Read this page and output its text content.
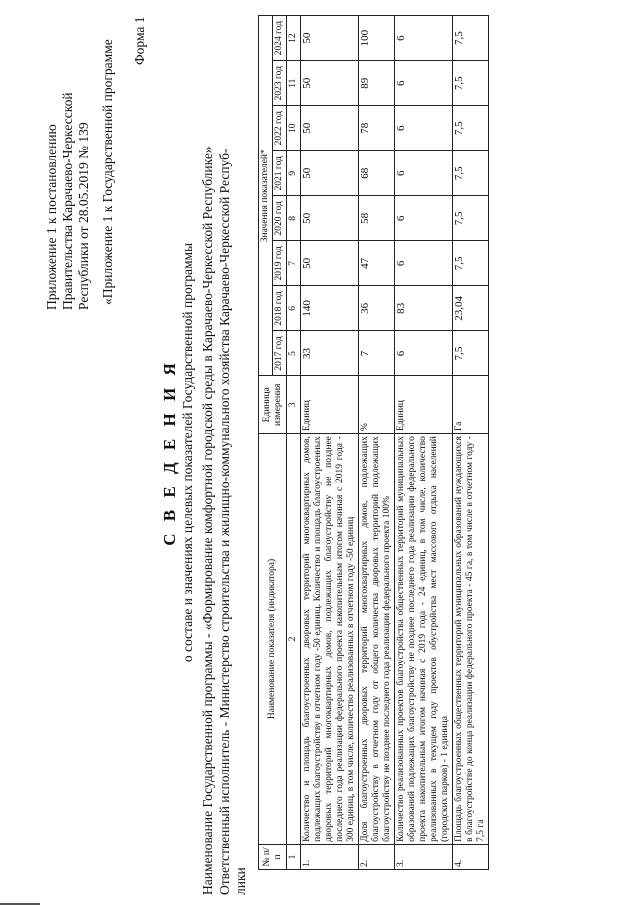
Приложение 1 к постановлению Правительства Карачаево-Черкесской Республики от 28.05.2019 № 139 «Приложение 1 к Государственной программе Форма 1
С В Е Д Е Н И Я о составе и значениях целевых показателей Государственной программы Наименование Государственной программы - «Формирование комфортной городской среды в Карачаево-Черкесской Республике» Ответственный исполнитель - Министерство строительства и жилищно-коммунального хозяйства Карачаево-Черкесской Респуб- лики
№ п/п	Наименование показателя (индикатора)	Единица измерения	Значения показателей*							
			2017 год	2018 год	2019 год	2020 год	2021 год	2022 год	2023 год	2024 год
1	2	3	5	6	7	8	9	10	11	12
1.	Количество и площадь благоустроенных дворовых территорий многоквартирных домов, подлежащих благоустройству в отчетном году -50 единиц. Количество и площадь благоустроенных дворовых территорий многоквартирных домов, подлежащих благоустройству не позднее последнего года реализации федерального проекта накопительным итогом начиная с 2019 года - 300 единиц, в том числе, количество реализованных в отчетном году -50 единиц	Единиц	33	140	50	50	50	50	50	50
2.	Доля благоустроенных дворовых территорий многоквартирных домов, подлежащих благоустройству в отчетном году от общего количества дворовых территорий подлежащих благоустройству не позднее последнего года реализации федерального проекта 100%	%	7	36	47	58	68	78	89	100
3.	Количество реализованных проектов благоустройства общественных территорий муниципальных образований подлежащих благоустройству не позднее последнего года реализации федерального проекта накопительным итогом начиная с 2019 года - 24 единиц, в том числе, количество реализованных в текущем году проектов обустройства мест массового отдыха населений (городских парков) - 1 единица	Единиц	6	83	6	6	6	6	6	6
4.	Площадь благоустроенных общественных территорий муниципальных образований нуждающихся в благоустройстве до конца реализации федерального проекта - 45 га, в том числе в отчетном году - 7,5 га	Га	7,5	23,04	7,5	7,5	7,5	7,5	7,5	7,5
